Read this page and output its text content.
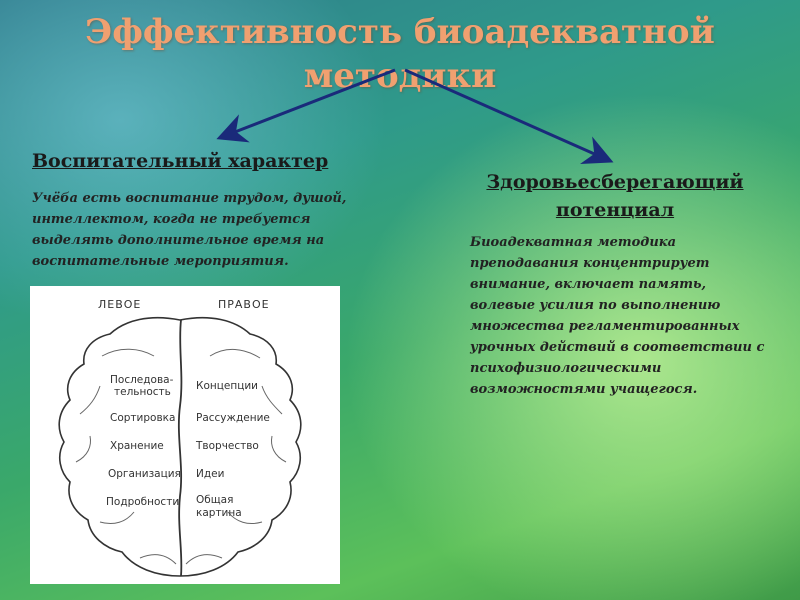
Эффективность биоадекватной
методики
Воспитательный характер
Учёба есть воспитание трудом, душой, интеллектом, когда не требуется выделять дополнительное время на воспитательные мероприятия.
Здоровьесберегающий
потенциал
Биоадекватная методика преподавания концентрирует внимание, включает память, волевые усилия по выполнению множества регламентированных урочных действий в соответствии с психофизиологическими возможностями учащегося.
ЛЕВОЕ	ПРАВОЕ
Последова-
тельность
Сортировка
Хранение
Организация
Подробности
Концепции
Рассуждение
Творчество
Идеи
Общая
картина
